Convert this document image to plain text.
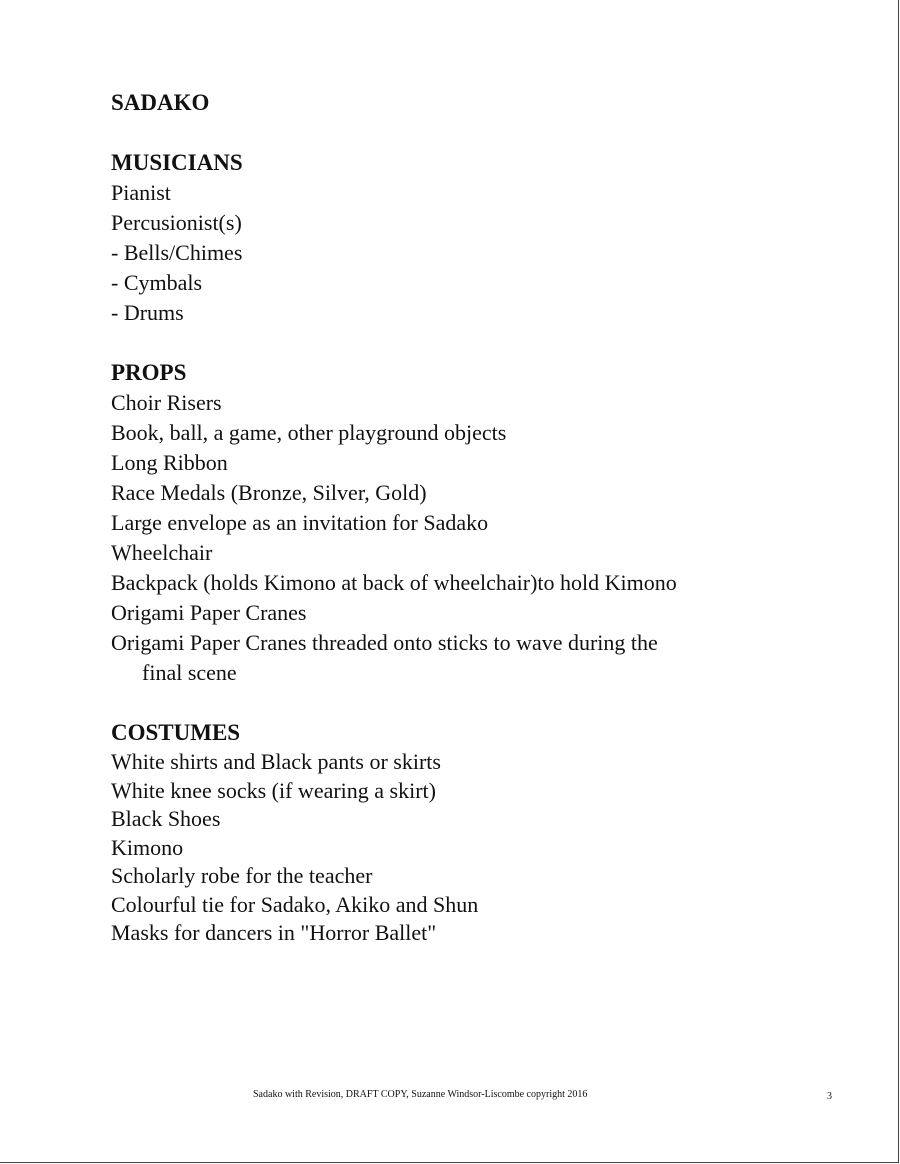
SADAKO

MUSICIANS

Pianist

Percusionist(s)

- Bells/Chimes

- Cymbals

- Drums

PROPS

Choir Risers

Book, ball, a game, other playground objects

Long Ribbon

Race Medals (Bronze, Silver, Gold)

Large envelope as an invitation for Sadako

Wheelchair

Backpack (holds Kimono at back of wheelchair)to hold Kimono

Origami Paper Cranes

Origami Paper Cranes threaded onto sticks to wave during the

final scene

COSTUMES

White shirts and Black pants or skirts

White knee socks (if wearing a skirt)

Black Shoes

Kimono

Scholarly robe for the teacher

Colourful tie for Sadako, Akiko and Shun

Masks for dancers in "Horror Ballet"

Sadako with Revision, DRAFT COPY, Suzanne Windsor-Liscombe copyright 2016	3
